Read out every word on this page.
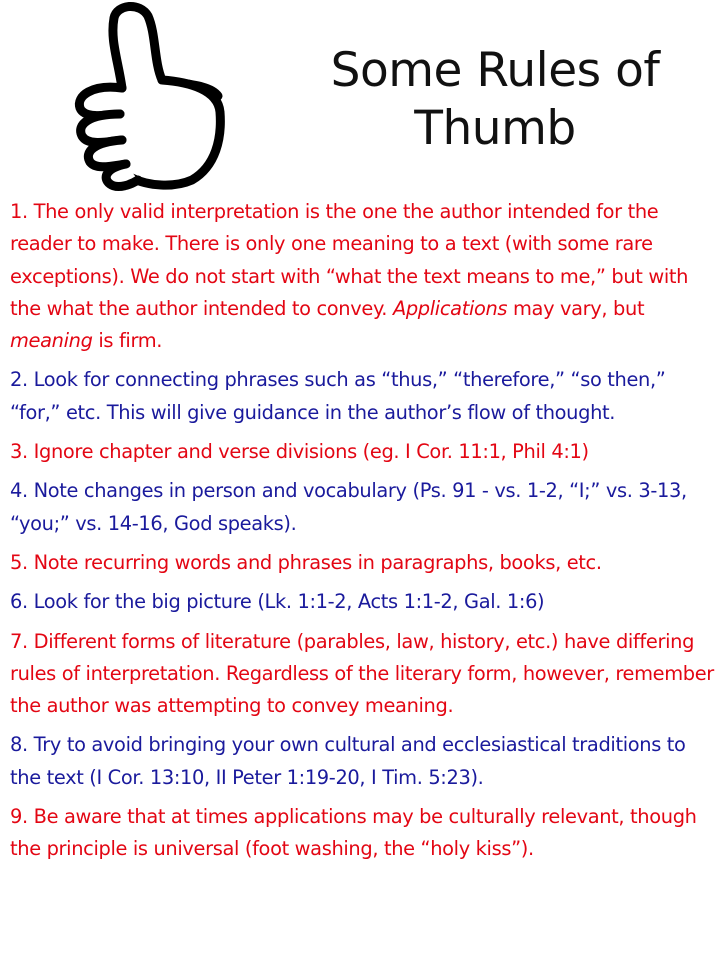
Some Rules of
Thumb

1. The only valid interpretation is the one the author intended for the reader to make. There is only one meaning to a text (with some rare exceptions). We do not start with “what the text means to me,” but with the what the author intended to convey. Applications may vary, but meaning is firm.

2. Look for connecting phrases such as “thus,” “therefore,” “so then,” “for,” etc. This will give guidance in the author’s flow of thought.

3. Ignore chapter and verse divisions (eg. I Cor. 11:1, Phil 4:1)

4. Note changes in person and vocabulary (Ps. 91 - vs. 1-2, “I;” vs. 3-13, “you;” vs. 14-16, God speaks).

5. Note recurring words and phrases in paragraphs, books, etc.

6. Look for the big picture (Lk. 1:1-2, Acts 1:1-2, Gal. 1:6)

7. Different forms of literature (parables, law, history, etc.) have differing rules of interpretation. Regardless of the literary form, however, remember the author was attempting to convey meaning.

8. Try to avoid bringing your own cultural and ecclesiastical traditions to the text (I Cor. 13:10, II Peter 1:19-20, I Tim. 5:23).

9. Be aware that at times applications may be culturally relevant, though the principle is universal (foot washing, the “holy kiss”).
